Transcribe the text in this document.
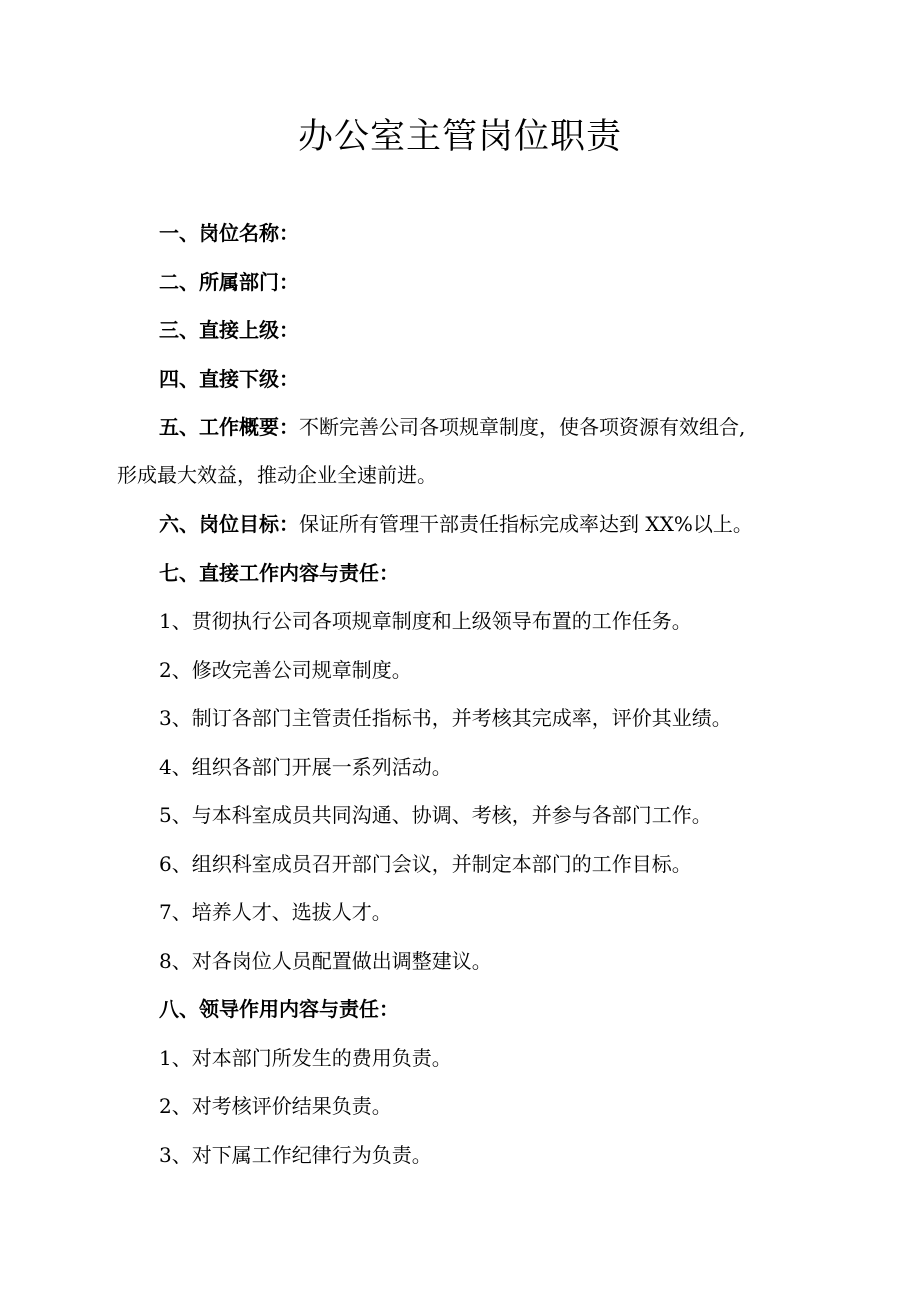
办公室主管岗位职责
一、岗位名称：
二、所属部门：
三、直接上级：
四、直接下级：
五、工作概要：不断完善公司各项规章制度，使各项资源有效组合,
形成最大效益，推动企业全速前进。
六、岗位目标：保证所有管理干部责任指标完成率达到 XX%以上。
七、直接工作内容与责任：
1、贯彻执行公司各项规章制度和上级领导布置的工作任务。
2、修改完善公司规章制度。
3、制订各部门主管责任指标书，并考核其完成率，评价其业绩。
4、组织各部门开展一系列活动。
5、与本科室成员共同沟通、协调、考核，并参与各部门工作。
6、组织科室成员召开部门会议，并制定本部门的工作目标。
7、培养人才、选拔人才。
8、对各岗位人员配置做出调整建议。
八、领导作用内容与责任：
1、对本部门所发生的费用负责。
2、对考核评价结果负责。
3、对下属工作纪律行为负责。
